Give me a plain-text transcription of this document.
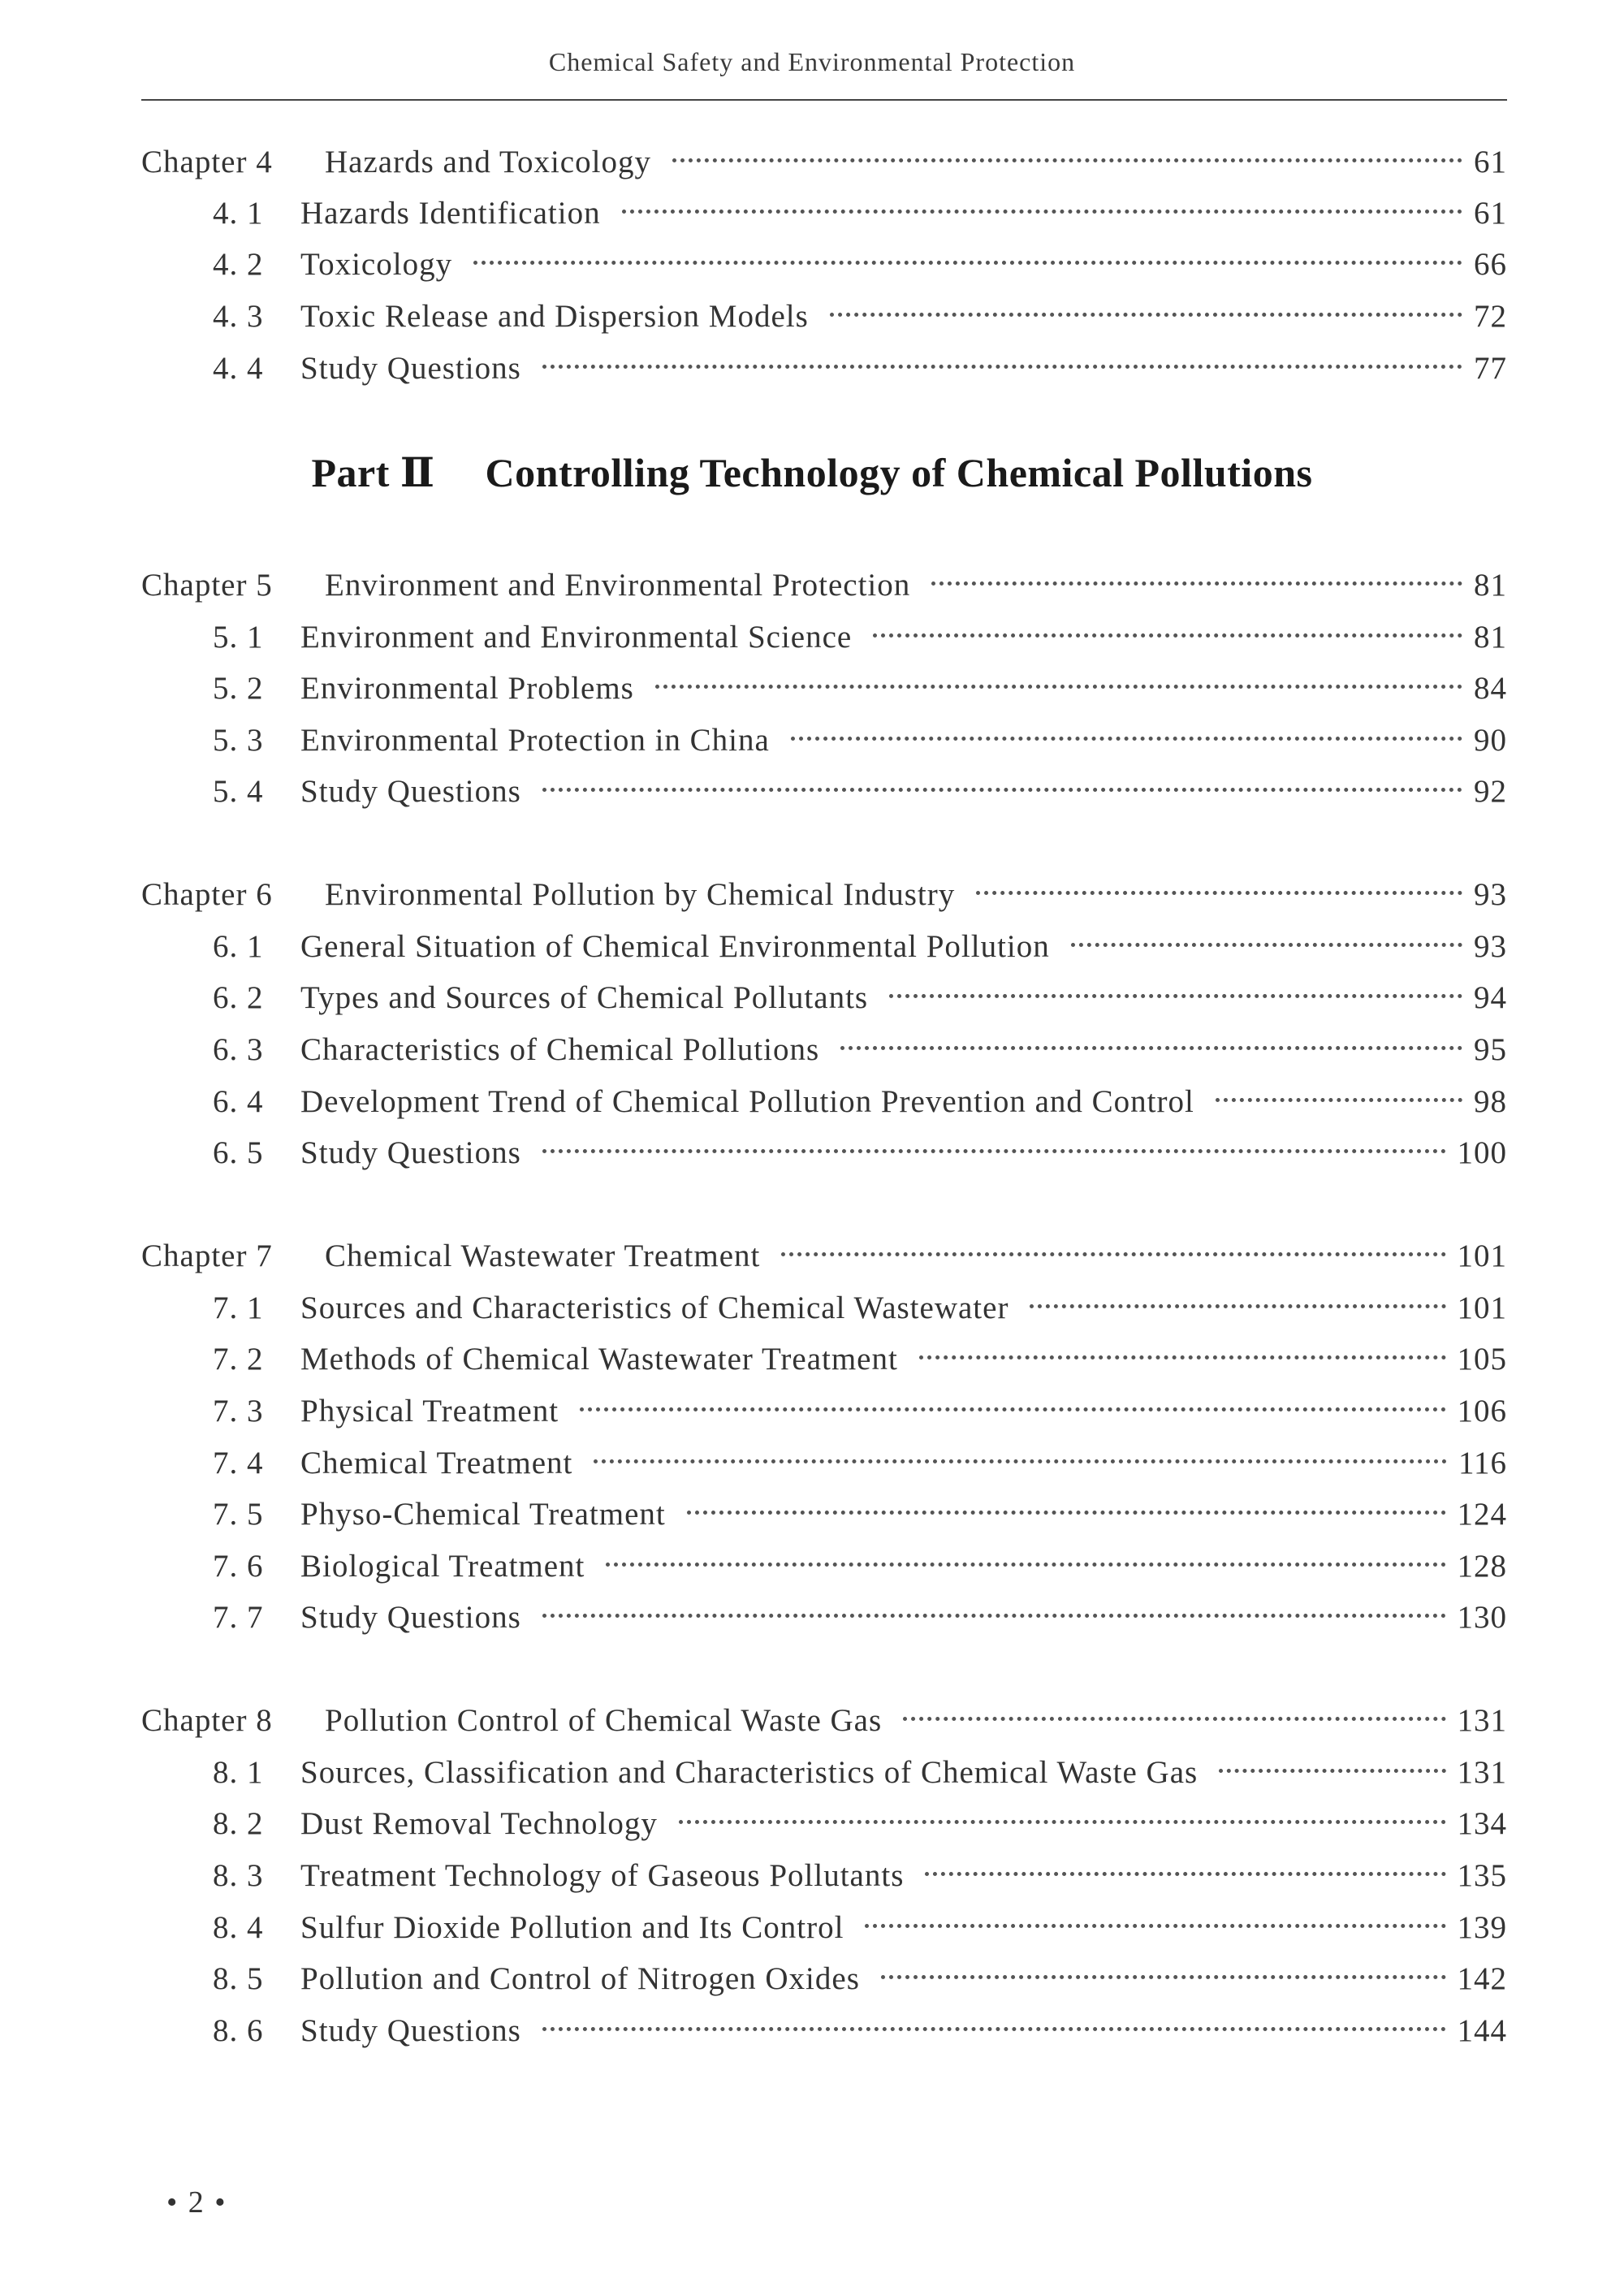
Chemical Safety and Environmental Protection
Part Ⅱ Controlling Technology of Chemical Pollutions
Chapter 4	Hazards and Toxicology	61
4. 1	Hazards Identification	61
4. 2	Toxicology	66
4. 3	Toxic Release and Dispersion Models	72
4. 4	Study Questions	77
Chapter 5	Environment and Environmental Protection	81
5. 1	Environment and Environmental Science	81
5. 2	Environmental Problems	84
5. 3	Environmental Protection in China	90
5. 4	Study Questions	92
Chapter 6	Environmental Pollution by Chemical Industry	93
6. 1	General Situation of Chemical Environmental Pollution	93
6. 2	Types and Sources of Chemical Pollutants	94
6. 3	Characteristics of Chemical Pollutions	95
6. 4	Development Trend of Chemical Pollution Prevention and Control	98
6. 5	Study Questions	100
Chapter 7	Chemical Wastewater Treatment	101
7. 1	Sources and Characteristics of Chemical Wastewater	101
7. 2	Methods of Chemical Wastewater Treatment	105
7. 3	Physical Treatment	106
7. 4	Chemical Treatment	116
7. 5	Physo-Chemical Treatment	124
7. 6	Biological Treatment	128
7. 7	Study Questions	130
Chapter 8	Pollution Control of Chemical Waste Gas	131
8. 1	Sources, Classification and Characteristics of Chemical Waste Gas	131
8. 2	Dust Removal Technology	134
8. 3	Treatment Technology of Gaseous Pollutants	135
8. 4	Sulfur Dioxide Pollution and Its Control	139
8. 5	Pollution and Control of Nitrogen Oxides	142
8. 6	Study Questions	144
• 2 •
